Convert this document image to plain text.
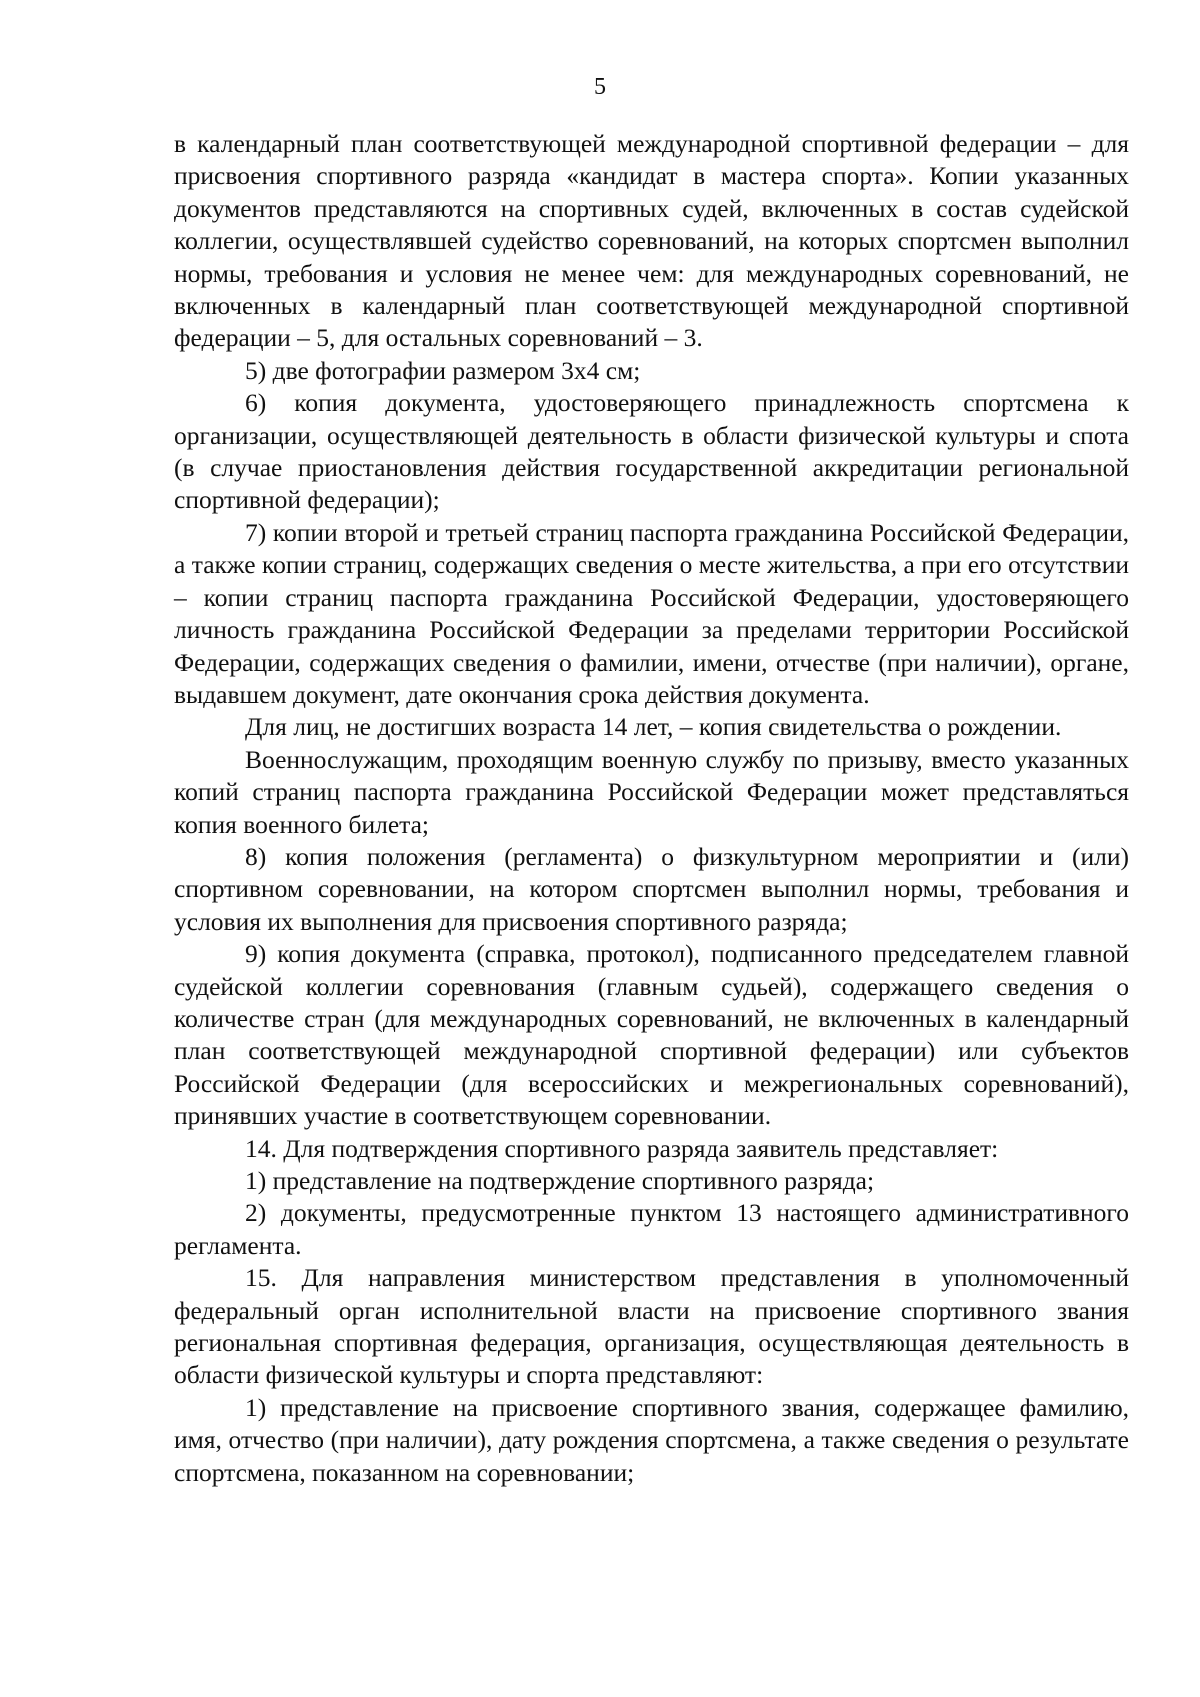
5

в календарный план соответствующей международной спортивной федерации – для присвоения спортивного разряда «кандидат в мастера спорта». Копии указанных документов представляются на спортивных судей, включенных в состав судейской коллегии, осуществлявшей судейство соревнований, на которых спортсмен выполнил нормы, требования и условия не менее чем: для международных соревнований, не включенных в календарный план соответствующей международной спортивной федерации – 5, для остальных соревнований – 3.

5) две фотографии размером 3x4 см;

6) копия документа, удостоверяющего принадлежность спортсмена к организации, осуществляющей деятельность в области физической культуры и спота (в случае приостановления действия государственной аккредитации региональной спортивной федерации);

7) копии второй и третьей страниц паспорта гражданина Российской Федерации, а также копии страниц, содержащих сведения о месте жительства, а при его отсутствии – копии страниц паспорта гражданина Российской Федерации, удостоверяющего личность гражданина Российской Федерации за пределами территории Российской Федерации, содержащих сведения о фамилии, имени, отчестве (при наличии), органе, выдавшем документ, дате окончания срока действия документа.

Для лиц, не достигших возраста 14 лет, – копия свидетельства о рождении.

Военнослужащим, проходящим военную службу по призыву, вместо указанных копий страниц паспорта гражданина Российской Федерации может представляться копия военного билета;

8) копия положения (регламента) о физкультурном мероприятии и (или) спортивном соревновании, на котором спортсмен выполнил нормы, требования и условия их выполнения для присвоения спортивного разряда;

9) копия документа (справка, протокол), подписанного председателем главной судейской коллегии соревнования (главным судьей), содержащего сведения о количестве стран (для международных соревнований, не включенных в календарный план соответствующей международной спортивной федерации) или субъектов Российской Федерации (для всероссийских и межрегиональных соревнований), принявших участие в соответствующем соревновании.

14. Для подтверждения спортивного разряда заявитель представляет:

1) представление на подтверждение спортивного разряда;

2) документы, предусмотренные пунктом 13 настоящего административного регламента.

15. Для направления министерством представления в уполномоченный федеральный орган исполнительной власти на присвоение спортивного звания региональная спортивная федерация, организация, осуществляющая деятельность в области физической культуры и спорта представляют:

1) представление на присвоение спортивного звания, содержащее фамилию, имя, отчество (при наличии), дату рождения спортсмена, а также сведения о результате спортсмена, показанном на соревновании;
